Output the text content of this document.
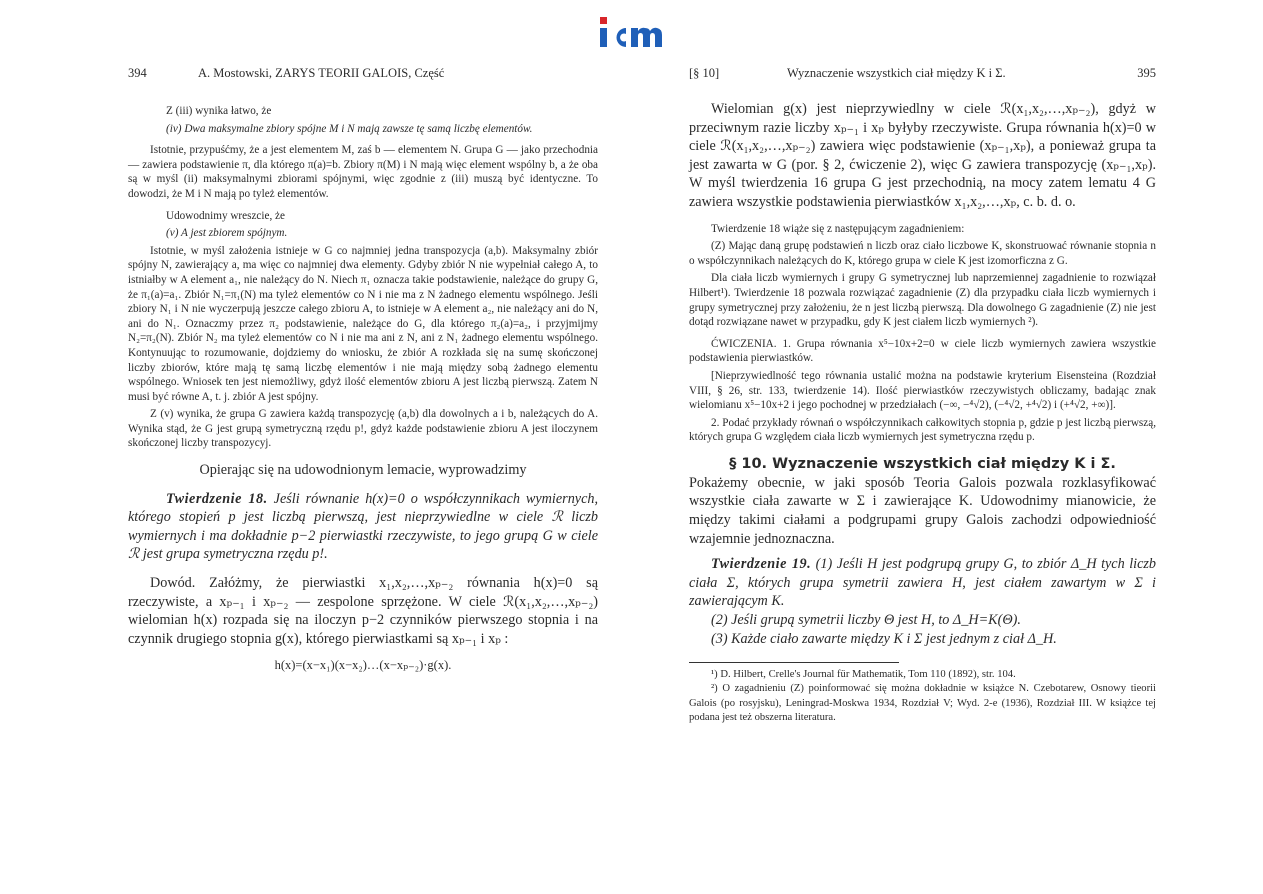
394	A. Mostowski, ZARYS TEORII GALOIS, Część

Z (iii) wynika łatwo, że

(iv) Dwa maksymalne zbiory spójne M i N mają zawsze tę samą liczbę elementów.

Istotnie, przypuśćmy, że a jest elementem M, zaś b — elementem N. Grupa G — jako przechodnia — zawiera podstawienie π, dla którego π(a)=b. Zbiory π(M) i N mają więc element wspólny b, a że oba są w myśl (ii) maksymalnymi zbiorami spójnymi, więc zgodnie z (iii) muszą być identyczne. To dowodzi, że M i N mają po tyleż elementów.

Udowodnimy wreszcie, że

(v) A jest zbiorem spójnym.

Istotnie, w myśl założenia istnieje w G co najmniej jedna transpozycja (a,b). Maksymalny zbiór spójny N, zawierający a, ma więc co najmniej dwa elementy. Gdyby zbiór N nie wypełniał całego A, to istniałby w A element a₁, nie należący do N. Niech π₁ oznacza takie podstawienie, należące do grupy G, że π₁(a)=a₁. Zbiór N₁=π₁(N) ma tyleż elementów co N i nie ma z N żadnego elementu wspólnego. Jeśli zbiory N₁ i N nie wyczerpują jeszcze całego zbioru A, to istnieje w A element a₂, nie należący ani do N, ani do N₁. Oznaczmy przez π₂ podstawienie, należące do G, dla którego π₂(a)=a₂, i przyjmijmy N₂=π₂(N). Zbiór N₂ ma tyleż elementów co N i nie ma ani z N, ani z N₁ żadnego elementu wspólnego. Kontynuując to rozumowanie, dojdziemy do wniosku, że zbiór A rozkłada się na sumę skończonej liczby zbiorów, które mają tę samą liczbę elementów i nie mają między sobą żadnego elementu wspólnego. Wniosek ten jest niemożliwy, gdyż ilość elementów zbioru A jest liczbą pierwszą. Zatem N musi być równe A, t. j. zbiór A jest spójny.

Z (v) wynika, że grupa G zawiera każdą transpozycję (a,b) dla dowolnych a i b, należących do A. Wynika stąd, że G jest grupą symetryczną rzędu p!, gdyż każde podstawienie zbioru A jest iloczynem skończonej liczby transpozycyj.

Opierając się na udowodnionym lemacie, wyprowadzimy

Twierdzenie 18. Jeśli równanie h(x)=0 o współczynnikach wymiernych, którego stopień p jest liczbą pierwszą, jest nieprzywiedlne w ciele ℛ liczb wymiernych i ma dokładnie p−2 pierwiastki rzeczywiste, to jego grupą G w ciele ℛ jest grupa symetryczna rzędu p!.

Dowód. Załóżmy, że pierwiastki x₁,x₂,…,xₚ₋₂ równania h(x)=0 są rzeczywiste, a xₚ₋₁ i xₚ₋₂ — zespolone sprzężone. W ciele ℛ(x₁,x₂,…,xₚ₋₂) wielomian h(x) rozpada się na iloczyn p−2 czynników pierwszego stopnia i na czynnik drugiego stopnia g(x), którego pierwiastkami są xₚ₋₁ i xₚ :

h(x)=(x−x₁)(x−x₂)…(x−xₚ₋₂)·g(x).

[§ 10]	Wyznaczenie wszystkich ciał między K i Σ.	395

Wielomian g(x) jest nieprzywiedlny w ciele ℛ(x₁,x₂,…,xₚ₋₂), gdyż w przeciwnym razie liczby xₚ₋₁ i xₚ byłyby rzeczywiste. Grupa równania h(x)=0 w ciele ℛ(x₁,x₂,…,xₚ₋₂) zawiera więc podstawienie (xₚ₋₁,xₚ), a ponieważ grupa ta jest zawarta w G (por. § 2, ćwiczenie 2), więc G zawiera transpozycję (xₚ₋₁,xₚ). W myśl twierdzenia 16 grupa G jest przechodnią, na mocy zatem lematu 4 G zawiera wszystkie podstawienia pierwiastków x₁,x₂,…,xₚ, c. b. d. o.

Twierdzenie 18 wiąże się z następującym zagadnieniem:

(Z) Mając daną grupę podstawień n liczb oraz ciało liczbowe K, skonstruować równanie stopnia n o współczynnikach należących do K, którego grupa w ciele K jest izomorficzna z G.

Dla ciała liczb wymiernych i grupy G symetrycznej lub naprzemiennej zagadnienie to rozwiązał Hilbert¹). Twierdzenie 18 pozwala rozwiązać zagadnienie (Z) dla przypadku ciała liczb wymiernych i grupy symetrycznej przy założeniu, że n jest liczbą pierwszą. Dla dowolnego G zagadnienie (Z) nie jest dotąd rozwiązane nawet w przypadku, gdy K jest ciałem liczb wymiernych ²).

ĆWICZENIA. 1. Grupa równania x⁵−10x+2=0 w ciele liczb wymiernych zawiera wszystkie podstawienia pierwiastków.

[Nieprzywiedlność tego równania ustalić można na podstawie kryterium Eisensteina (Rozdział VIII, § 26, str. 133, twierdzenie 14). Ilość pierwiastków rzeczywistych obliczamy, badając znak wielomianu x⁵−10x+2 i jego pochodnej w przedziałach (−∞, −⁴√2), (−⁴√2, +⁴√2) i (+⁴√2, +∞)].

2. Podać przykłady równań o współczynnikach całkowitych stopnia p, gdzie p jest liczbą pierwszą, których grupa G względem ciała liczb wymiernych jest symetryczna rzędu p.

§ 10. Wyznaczenie wszystkich ciał między K i Σ.

Pokażemy obecnie, w jaki sposób Teoria Galois pozwala rozklasyfikować wszystkie ciała zawarte w Σ i zawierające K. Udowodnimy mianowicie, że między takimi ciałami a podgrupami grupy Galois zachodzi odpowiedniość wzajemnie jednoznaczna.

Twierdzenie 19. (1) Jeśli H jest podgrupą grupy G, to zbiór Δ_H tych liczb ciała Σ, których grupa symetrii zawiera H, jest ciałem zawartym w Σ i zawierającym K.

(2) Jeśli grupą symetrii liczby Θ jest H, to Δ_H=K(Θ).

(3) Każde ciało zawarte między K i Σ jest jednym z ciał Δ_H.

¹) D. Hilbert, Crelle's Journal für Mathematik, Tom 110 (1892), str. 104.

²) O zagadnieniu (Z) poinformować się można dokładnie w książce N. Czebotarew, Osnowy tieorii Galois (po rosyjsku), Leningrad-Moskwa 1934, Rozdział V; Wyd. 2-e (1936), Rozdział III. W książce tej podana jest też obszerna literatura.
